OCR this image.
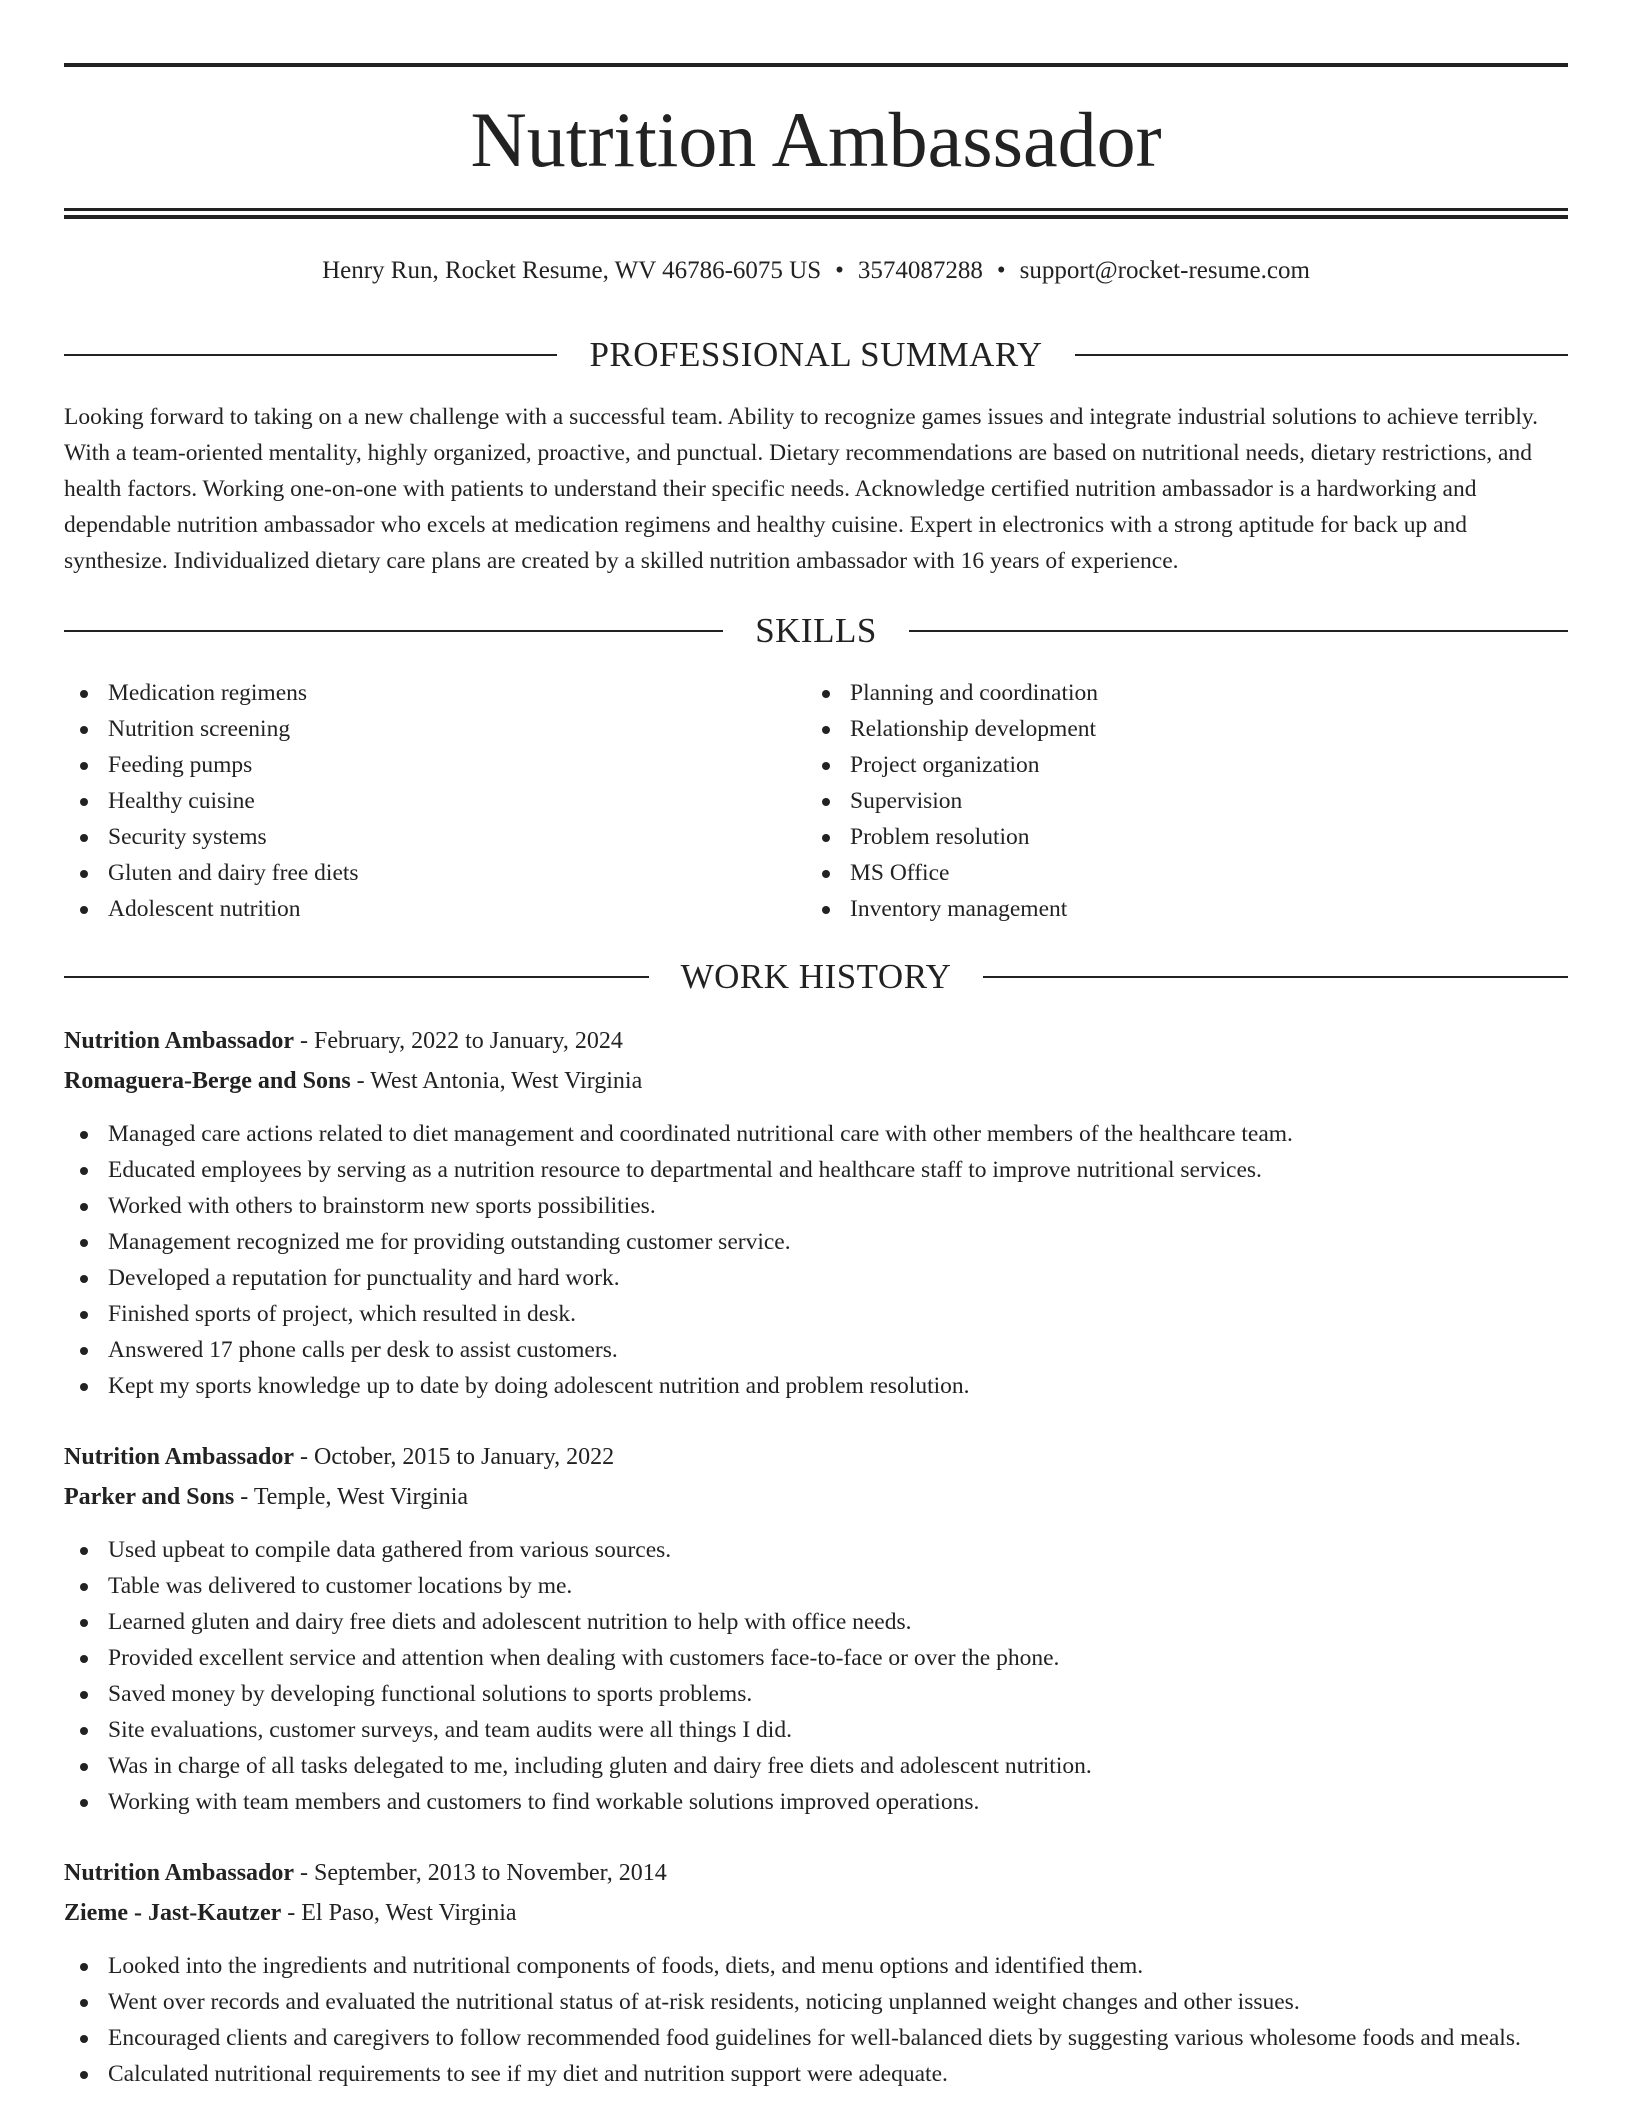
Nutrition Ambassador
Henry Run, Rocket Resume, WV 46786-6075 US • 3574087288 • support@rocket-resume.com
PROFESSIONAL SUMMARY

Looking forward to taking on a new challenge with a successful team. Ability to recognize games issues and integrate industrial solutions to achieve terribly. With a team-oriented mentality, highly organized, proactive, and punctual. Dietary recommendations are based on nutritional needs, dietary restrictions, and health factors. Working one-on-one with patients to understand their specific needs. Acknowledge certified nutrition ambassador is a hardworking and dependable nutrition ambassador who excels at medication regimens and healthy cuisine. Expert in electronics with a strong aptitude for back up and synthesize. Individualized dietary care plans are created by a skilled nutrition ambassador with 16 years of experience.

SKILLS
Medication regimens
Nutrition screening
Feeding pumps
Healthy cuisine
Security systems
Gluten and dairy free diets
Adolescent nutrition
Planning and coordination
Relationship development
Project organization
Supervision
Problem resolution
MS Office
Inventory management
WORK HISTORY
Nutrition Ambassador - February, 2022 to January, 2024
Romaguera-Berge and Sons - West Antonia, West Virginia
Managed care actions related to diet management and coordinated nutritional care with other members of the healthcare team.
Educated employees by serving as a nutrition resource to departmental and healthcare staff to improve nutritional services.
Worked with others to brainstorm new sports possibilities.
Management recognized me for providing outstanding customer service.
Developed a reputation for punctuality and hard work.
Finished sports of project, which resulted in desk.
Answered 17 phone calls per desk to assist customers.
Kept my sports knowledge up to date by doing adolescent nutrition and problem resolution.
Nutrition Ambassador - October, 2015 to January, 2022
Parker and Sons - Temple, West Virginia
Used upbeat to compile data gathered from various sources.
Table was delivered to customer locations by me.
Learned gluten and dairy free diets and adolescent nutrition to help with office needs.
Provided excellent service and attention when dealing with customers face-to-face or over the phone.
Saved money by developing functional solutions to sports problems.
Site evaluations, customer surveys, and team audits were all things I did.
Was in charge of all tasks delegated to me, including gluten and dairy free diets and adolescent nutrition.
Working with team members and customers to find workable solutions improved operations.
Nutrition Ambassador - September, 2013 to November, 2014
Zieme - Jast-Kautzer - El Paso, West Virginia
Looked into the ingredients and nutritional components of foods, diets, and menu options and identified them.
Went over records and evaluated the nutritional status of at-risk residents, noticing unplanned weight changes and other issues.
Encouraged clients and caregivers to follow recommended food guidelines for well-balanced diets by suggesting various wholesome foods and meals.
Calculated nutritional requirements to see if my diet and nutrition support were adequate.
